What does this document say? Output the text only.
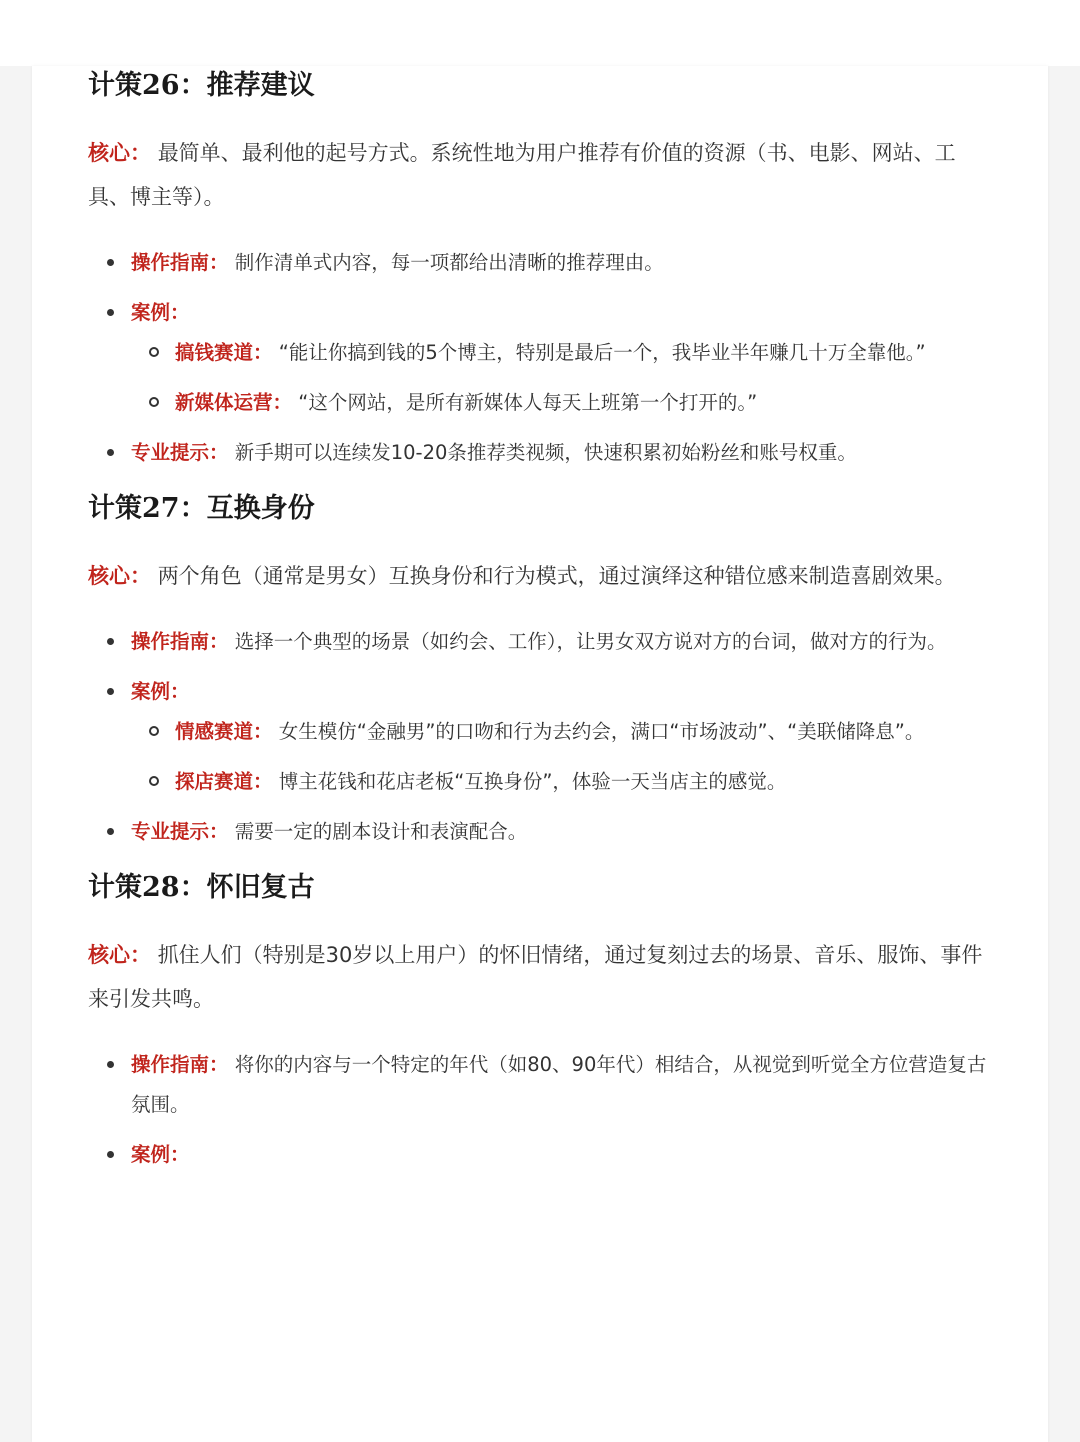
计策26：推荐建议

核心： 最简单、最利他的起号方式。系统性地为用户推荐有价值的资源（书、电影、网站、工具、博主等）。

操作指南： 制作清单式内容，每一项都给出清晰的推荐理由。
案例：
搞钱赛道： “能让你搞到钱的5个博主，特别是最后一个，我毕业半年赚几十万全靠他。”
新媒体运营： “这个网站，是所有新媒体人每天上班第一个打开的。”
专业提示： 新手期可以连续发10-20条推荐类视频，快速积累初始粉丝和账号权重。
计策27：互换身份

核心： 两个角色（通常是男女）互换身份和行为模式，通过演绎这种错位感来制造喜剧效果。

操作指南： 选择一个典型的场景（如约会、工作），让男女双方说对方的台词，做对方的行为。
案例：
情感赛道： 女生模仿“金融男”的口吻和行为去约会，满口“市场波动”、“美联储降息”。
探店赛道： 博主花钱和花店老板“互换身份”，体验一天当店主的感觉。
专业提示： 需要一定的剧本设计和表演配合。
计策28：怀旧复古

核心： 抓住人们（特别是30岁以上用户）的怀旧情绪，通过复刻过去的场景、音乐、服饰、事件来引发共鸣。

操作指南： 将你的内容与一个特定的年代（如80、90年代）相结合，从视觉到听觉全方位营造复古氛围。
案例：
